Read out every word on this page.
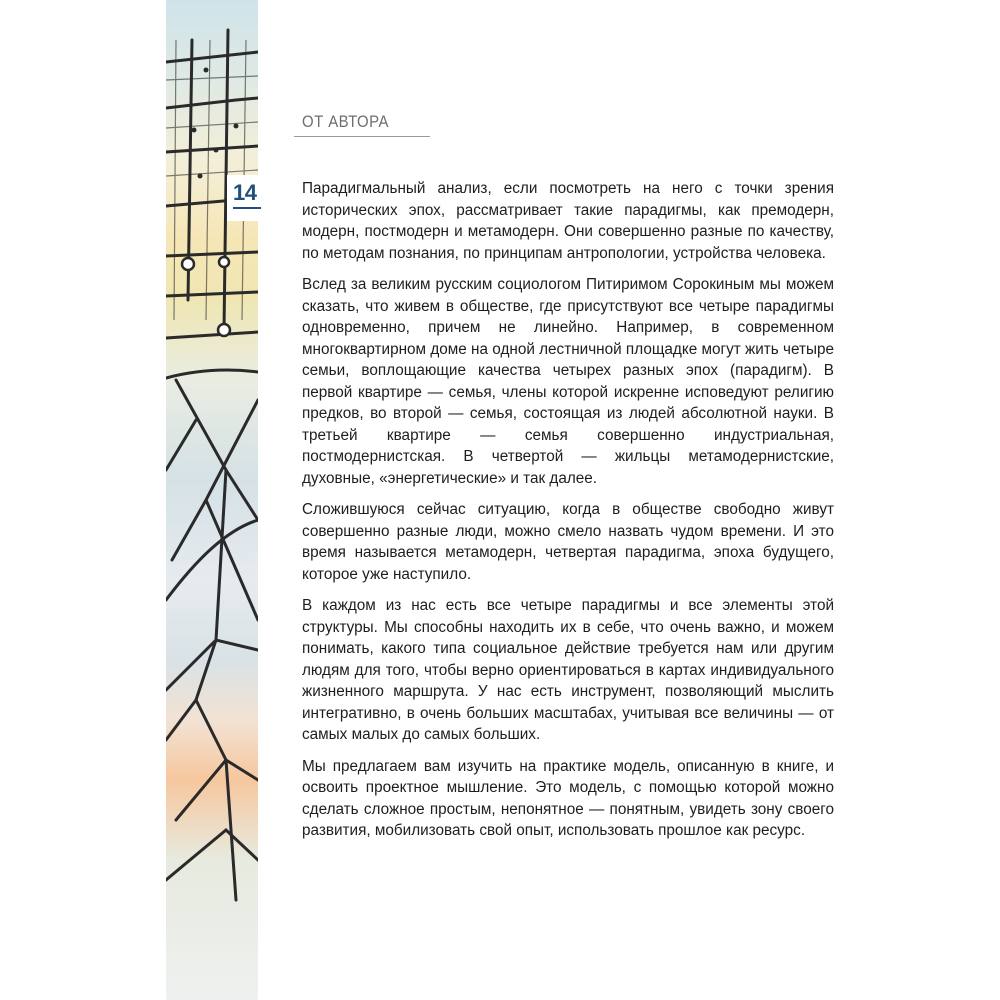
14
ОТ АВТОРА

Парадигмальный анализ, если посмотреть на него с точки зрения исторических эпох, рассматривает такие парадигмы, как премодерн, модерн, постмодерн и метамодерн. Они совершенно разные по качеству, по методам познания, по принципам антропологии, устройства человека.

Вслед за великим русским социологом Питиримом Сорокиным мы можем сказать, что живем в обществе, где присутствуют все четыре парадигмы одновременно, причем не линейно. Например, в современном многоквартирном доме на одной лестничной площадке могут жить четыре семьи, воплощающие качества четырех разных эпох (парадигм). В первой квартире — семья, члены которой искренне исповедуют религию предков, во второй — семья, состоящая из людей абсолютной науки. В третьей квартире — семья совершенно индустриальная, постмодернистская. В четвертой — жильцы метамодернистские, духовные, «энергетические» и так далее.

Сложившуюся сейчас ситуацию, когда в обществе свободно живут совершенно разные люди, можно смело назвать чудом времени. И это время называется метамодерн, четвертая парадигма, эпоха будущего, которое уже наступило.

В каждом из нас есть все четыре парадигмы и все элементы этой структуры. Мы способны находить их в себе, что очень важно, и можем понимать, какого типа социальное действие требуется нам или другим людям для того, чтобы верно ориентироваться в картах индивидуального жизненного маршрута. У нас есть инструмент, позволяющий мыслить интегративно, в очень больших масштабах, учитывая все величины — от самых малых до самых больших.

Мы предлагаем вам изучить на практике модель, описанную в книге, и освоить проектное мышление. Это модель, с помощью которой можно сделать сложное простым, непонятное — понятным, увидеть зону своего развития, мобилизовать свой опыт, использовать прошлое как ресурс.
